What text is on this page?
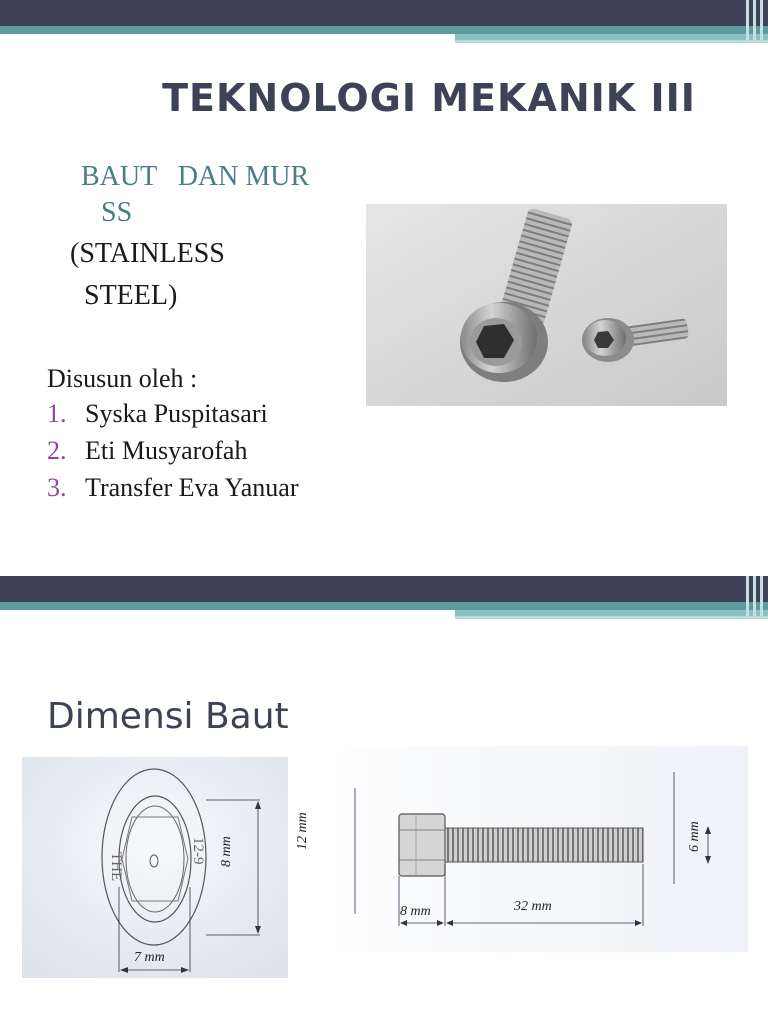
TEKNOLOGI MEKANIK III
BAUT   DAN MUR
SS
(STAINLESS
STEEL)
Disusun oleh :
1. Syska Puspitasari
2. Eti Musyarofah
3. Transfer Eva Yanuar
Dimensi Baut
THE
12-9 8 mm
7 mm
12 mm	6 mm
8 mm	32 mm
